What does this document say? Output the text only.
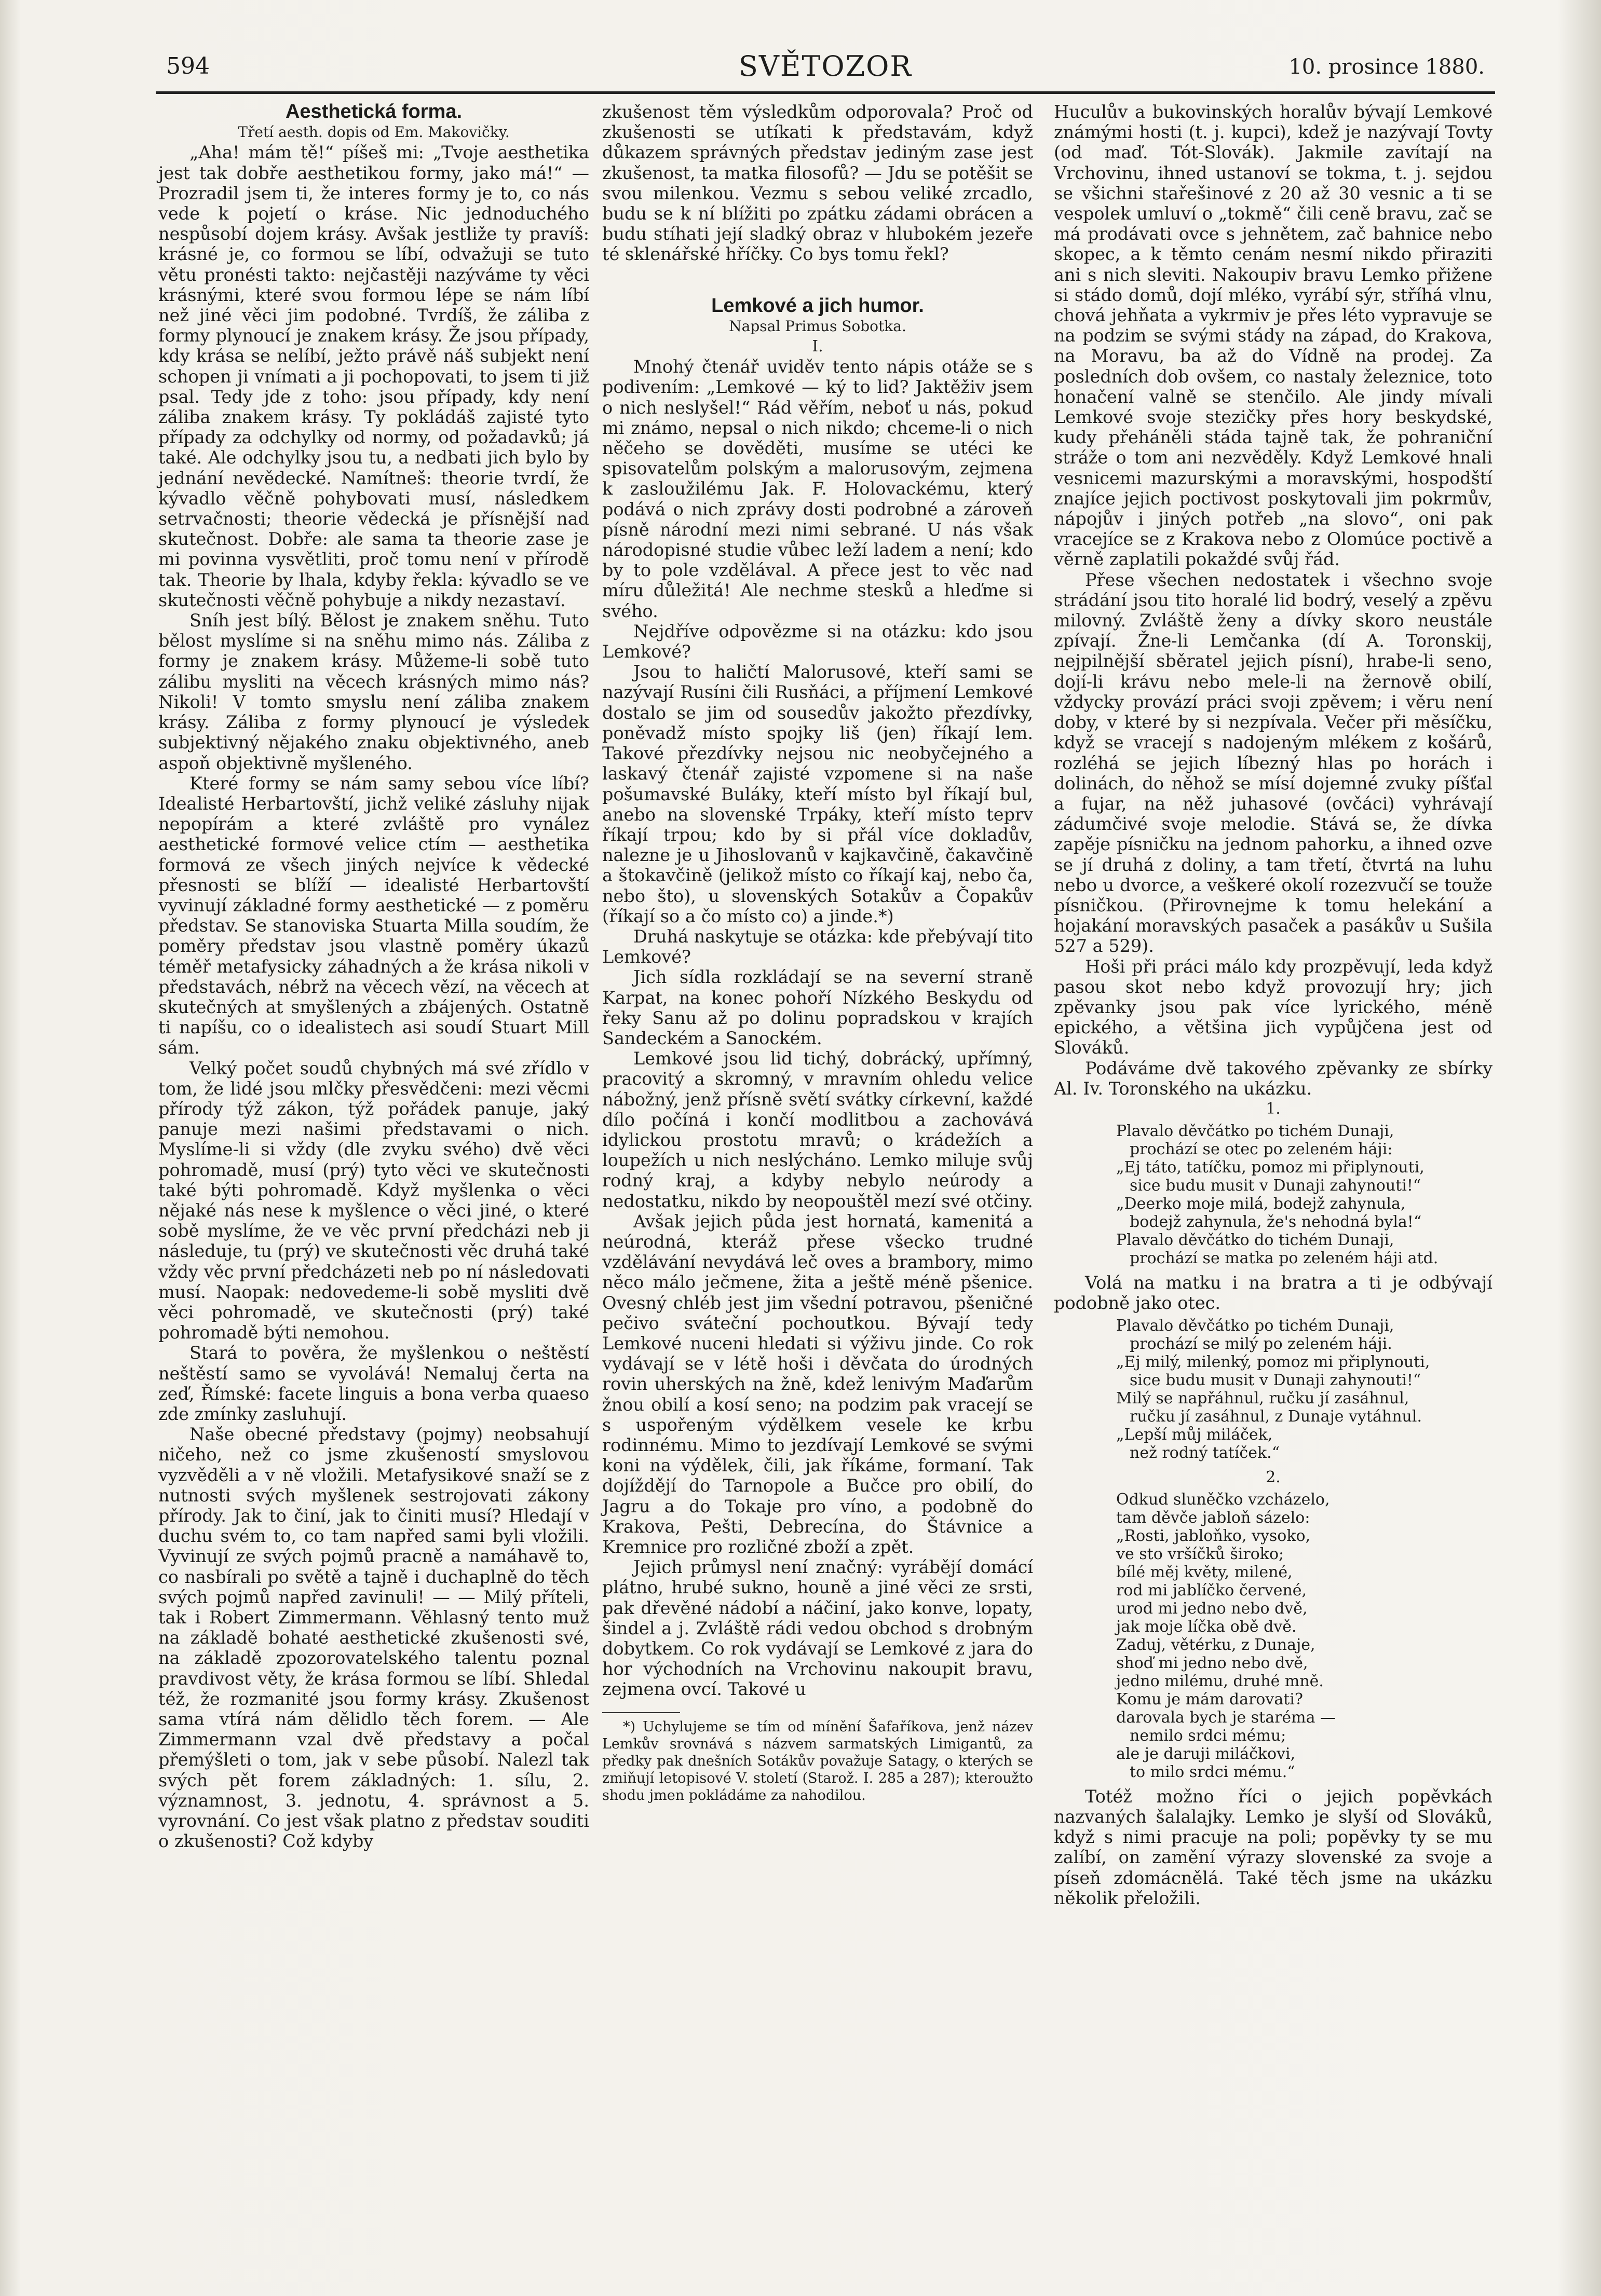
594	SVĚTOZOR	10. prosince 1880.

Aesthetická forma.

Třetí aesth. dopis od Em. Makovičky.

„Aha! mám tě!“ píšeš mi: „Tvoje aesthetika jest tak dobře aesthetikou formy, jako má!“ — Prozradil jsem ti, že interes formy je to, co nás vede k pojetí o kráse. Nic jednoduchého nespůsobí dojem krásy. Avšak jestliže ty pravíš: krásné je, co formou se líbí, odvažuji se tuto větu pronésti takto: nejčastěji nazýváme ty věci krásnými, které svou formou lépe se nám líbí než jiné věci jim podobné. Tvrdíš, že záliba z formy plynoucí je znakem krásy. Že jsou případy, kdy krása se nelíbí, ježto právě náš subjekt není schopen ji vnímati a ji pochopovati, to jsem ti již psal. Tedy jde z toho: jsou případy, kdy není záliba znakem krásy. Ty pokládáš zajisté tyto případy za odchylky od normy, od požadavků; já také. Ale odchylky jsou tu, a nedbati jich bylo by jednání nevědecké. Namítneš: theorie tvrdí, že kývadlo věčně pohybovati musí, následkem setrvačnosti; theorie vědecká je přísnější nad skutečnost. Dobře: ale sama ta theorie zase je mi povinna vysvětliti, proč tomu není v přírodě tak. Theorie by lhala, kdyby řekla: kývadlo se ve skutečnosti věčně pohybuje a nikdy nezastaví.

Sníh jest bílý. Bělost je znakem sněhu. Tuto bělost myslíme si na sněhu mimo nás. Záliba z formy je znakem krásy. Můžeme-li sobě tuto zálibu mysliti na věcech krásných mimo nás? Nikoli! V tomto smyslu není záliba znakem krásy. Záliba z formy plynoucí je výsledek subjektivný nějakého znaku objektivného, aneb aspoň objektivně myšleného.

Které formy se nám samy sebou více líbí? Idealisté Herbartovští, jichž veliké zásluhy nijak nepopírám a které zvláště pro vynález aesthetické formové velice ctím — aesthetika formová ze všech jiných nejvíce k vědecké přesnosti se blíží — idealisté Herbartovští vyvinují základné formy aesthetické — z poměru představ. Se stanoviska Stuarta Milla soudím, že poměry představ jsou vlastně poměry úkazů téměř metafysicky záhadných a že krása nikoli v představách, nébrž na věcech vězí, na věcech at skutečných at smyšlených a zbájených. Ostatně ti napíšu, co o idealistech asi soudí Stuart Mill sám.

Velký počet soudů chybných má své zřídlo v tom, že lidé jsou mlčky přesvědčeni: mezi věcmi přírody týž zákon, týž pořádek panuje, jaký panuje mezi našimi představami o nich. Myslíme-li si vždy (dle zvyku svého) dvě věci pohromadě, musí (prý) tyto věci ve skutečnosti také býti pohromadě. Když myšlenka o věci nějaké nás nese k myšlence o věci jiné, o které sobě myslíme, že ve věc první předcházi neb ji následuje, tu (prý) ve skutečnosti věc druhá také vždy věc první předcházeti neb po ní následovati musí. Naopak: nedovedeme-li sobě mysliti dvě věci pohromadě, ve skutečnosti (prý) také pohromadě býti nemohou.

Stará to pověra, že myšlenkou o neštěstí neštěstí samo se vyvolává! Nemaluj čerta na zeď, Římské: facete linguis a bona verba quaeso zde zmínky zasluhují.

Naše obecné představy (pojmy) neobsahují ničeho, než co jsme zkušeností smyslovou vyzvěděli a v ně vložili. Metafysikové snaží se z nutnosti svých myšlenek sestrojovati zákony přírody. Jak to činí, jak to činiti musí? Hledají v duchu svém to, co tam napřed sami byli vložili. Vyvinují ze svých pojmů pracně a namáhavě to, co nasbírali po světě a tajně i duchaplně do těch svých pojmů napřed zavinuli! — — Milý příteli, tak i Robert Zimmermann. Věhlasný tento muž na základě bohaté aesthetické zkušenosti své, na základě zpozorovatelského talentu poznal pravdivost věty, že krása formou se líbí. Shledal též, že rozmanité jsou formy krásy. Zkušenost sama vtírá nám dělidlo těch forem. — Ale Zimmermann vzal dvě představy a počal přemýšleti o tom, jak v sebe působí. Nalezl tak svých pět forem základných: 1. sílu, 2. významnost, 3. jednotu, 4. správnost a 5. vyrovnání. Co jest však platno z představ souditi o zkušenosti? Což kdyby

zkušenost těm výsledkům odporovala? Proč od zkušenosti se utíkati k představám, když důkazem správných představ jediným zase jest zkušenost, ta matka filosofů? — Jdu se potěšit se svou milenkou. Vezmu s sebou veliké zrcadlo, budu se k ní blížiti po zpátku zádami obrácen a budu stíhati její sladký obraz v hlubokém jezeře té sklenářské hříčky. Co bys tomu řekl?

Lemkové a jich humor.

Napsal Primus Sobotka.

I.

Mnohý čtenář uviděv tento nápis otáže se s podivením: „Lemkové — ký to lid? Jaktěživ jsem o nich neslyšel!“ Rád věřím, neboť u nás, pokud mi známo, nepsal o nich nikdo; chceme-li o nich něčeho se dověděti, musíme se utéci ke spisovatelům polským a malorusovým, zejmena k zasloužilému Jak. F. Holovackému, který podává o nich zprávy dosti podrobné a zároveň písně národní mezi nimi sebrané. U nás však národopisné studie vůbec leží ladem a není; kdo by to pole vzdělával. A přece jest to věc nad míru důležitá! Ale nechme stesků a hleďme si svého.

Nejdříve odpovězme si na otázku: kdo jsou Lemkové?

Jsou to haličtí Malorusové, kteří sami se nazývají Rusíni čili Rusňáci, a příjmení Lemkové dostalo se jim od sousedův jakožto přezdívky, poněvadž místo spojky liš (jen) říkají lem. Takové přezdívky nejsou nic neobyčejného a laskavý čtenář zajisté vzpomene si na naše pošumavské Buláky, kteří místo byl říkají bul, anebo na slovenské Trpáky, kteří místo teprv říkají trpou; kdo by si přál více dokladův, nalezne je u Jihoslovanů v kajkavčině, čakavčině a štokavčině (jelikož místo co říkají kaj, nebo ča, nebo što), u slovenských Sotakův a Čopakův (říkají so a čo místo co) a jinde.*)

Druhá naskytuje se otázka: kde přebývají tito Lemkové?

Jich sídla rozkládají se na severní straně Karpat, na konec pohoří Nízkého Beskydu od řeky Sanu až po dolinu popradskou v krajích Sandeckém a Sanockém.

Lemkové jsou lid tichý, dobrácký, upřímný, pracovitý a skromný, v mravním ohledu velice nábožný, jenž přísně světí svátky církevní, každé dílo počíná i končí modlitbou a zachovává idylickou prostotu mravů; o krádežích a loupežích u nich neslýcháno. Lemko miluje svůj rodný kraj, a kdyby nebylo neúrody a nedostatku, nikdo by neopouštěl mezí své otčiny.

Avšak jejich půda jest hornatá, kamenitá a neúrodná, kteráž přese všecko trudné vzdělávání nevydává leč oves a brambory, mimo něco málo ječmene, žita a ještě méně pšenice. Ovesný chléb jest jim všední potravou, pšeničné pečivo sváteční pochoutkou. Bývají tedy Lemkové nuceni hledati si výživu jinde. Co rok vydávají se v létě hoši i děvčata do úrodných rovin uherských na žně, kdež lenivým Maďarům žnou obilí a kosí seno; na podzim pak vracejí se s uspořeným výdělkem vesele ke krbu rodinnému. Mimo to jezdívají Lemkové se svými koni na výdělek, čili, jak říkáme, formaní. Tak dojíždějí do Tarnopole a Bučce pro obilí, do Jagru a do Tokaje pro víno, a podobně do Krakova, Pešti, Debrecína, do Štávnice a Kremnice pro rozličné zboží a zpět.

Jejich průmysl není značný: vyrábějí domácí plátno, hrubé sukno, houně a jiné věci ze srsti, pak dřevěné nádobí a náčiní, jako konve, lopaty, šindel a j. Zvláště rádi vedou obchod s drobným dobytkem. Co rok vydávají se Lemkové z jara do hor východních na Vrchovinu nakoupit bravu, zejmena ovcí. Takové u

*) Uchylujeme se tím od mínění Šafaříkova, jenž název Lemkův srovnává s názvem sarmatských Limigantů, za předky pak dnešních Sotákův považuje Satagy, o kterých se zmiňují letopisové V. století (Starož. I. 285 a 287); kteroužto shodu jmen pokládáme za nahodilou.

Huculův a bukovinských horalův bývají Lemkové známými hosti (t. j. kupci), kdež je nazývají Tovty (od maď. Tót-Slovák). Jakmile zavítají na Vrchovinu, ihned ustanoví se tokma, t. j. sejdou se všichni stařešinové z 20 až 30 vesnic a ti se vespolek umluví o „tokmě“ čili ceně bravu, zač se má prodávati ovce s jehnětem, zač bahnice nebo skopec, a k těmto cenám nesmí nikdo přiraziti ani s nich sleviti. Nakoupiv bravu Lemko přižene si stádo domů, dojí mléko, vyrábí sýr, stříhá vlnu, chová jehňata a vykrmiv je přes léto vypravuje se na podzim se svými stády na západ, do Krakova, na Moravu, ba až do Vídně na prodej. Za posledních dob ovšem, co nastaly železnice, toto honačení valně se stenčilo. Ale jindy mívali Lemkové svoje stezičky přes hory beskydské, kudy přeháněli stáda tajně tak, že pohraniční stráže o tom ani nezvěděly. Když Lemkové hnali vesnicemi mazurskými a moravskými, hospodští znajíce jejich poctivost poskytovali jim pokrmův, nápojův i jiných potřeb „na slovo“, oni pak vracejíce se z Krakova nebo z Olomúce poctivě a věrně zaplatili pokaždé svůj řád.

Přese všechen nedostatek i všechno svoje strádání jsou tito horalé lid bodrý, veselý a zpěvu milovný. Zvláště ženy a dívky skoro neustále zpívají. Žne-li Lemčanka (dí A. Toronskij, nejpilnější sběratel jejich písní), hrabe-li seno, dojí-li krávu nebo mele-li na žernově obilí, vždycky provází práci svoji zpěvem; i věru není doby, v které by si nezpívala. Večer při měsíčku, když se vracejí s nadojeným mlékem z košárů, rozléhá se jejich líbezný hlas po horách i dolinách, do něhož se mísí dojemné zvuky píšťal a fujar, na něž juhasové (ovčáci) vyhrávají zádumčivé svoje melodie. Stává se, že dívka zapěje písničku na jednom pahorku, a ihned ozve se jí druhá z doliny, a tam třetí, čtvrtá na luhu nebo u dvorce, a veškeré okolí rozezvučí se touže písničkou. (Přirovnejme k tomu helekání a hojakání moravských pasaček a pasákův u Sušila 527 a 529).

Hoši při práci málo kdy prozpěvují, leda když pasou skot nebo když provozují hry; jich zpěvanky jsou pak více lyrického, méně epického, a většina jich vypůjčena jest od Slováků.

Podáváme dvě takového zpěvanky ze sbírky Al. Iv. Toronského na ukázku.

1.

Plavalo děvčátko po tichém Dunaji,
prochází se otec po zeleném háji:
„Ej táto, tatíčku, pomoz mi připlynouti,
sice budu musit v Dunaji zahynouti!“
„Deerko moje milá, bodejž zahynula,
bodejž zahynula, že's nehodná byla!“
Plavalo děvčátko do tichém Dunaji,
prochází se matka po zeleném háji atd.

Volá na matku i na bratra a ti je odbývají podobně jako otec.

Plavalo děvčátko po tichém Dunaji,
prochází se milý po zeleném háji.
„Ej milý, milenký, pomoz mi připlynouti,
sice budu musit v Dunaji zahynouti!“
Milý se napřáhnul, ručku jí zasáhnul,
ručku jí zasáhnul, z Dunaje vytáhnul.
„Lepší můj miláček,
než rodný tatíček.“

2.

Odkud sluněčko vzcházelo,
tam děvče jabloň sázelo:
„Rosti, jabloňko, vysoko,
ve sto vršíčků široko;
bílé měj květy, milené,
rod mi jablíčko červené,
urod mi jedno nebo dvě,
jak moje líčka obě dvě.
Zaduj, větérku, z Dunaje,
shoď mi jedno nebo dvě,
jedno milému, druhé mně.
Komu je mám darovati?
darovala bych je staréma —
nemilo srdci mému;
ale je daruji miláčkovi,
to milo srdci mému.“

Totéž možno říci o jejich popěvkách nazvaných šalalajky. Lemko je slyší od Slováků, když s nimi pracuje na poli; popěvky ty se mu zalíbí, on zamění výrazy slovenské za svoje a píseň zdomácnělá. Také těch jsme na ukázku několik přeložili.
